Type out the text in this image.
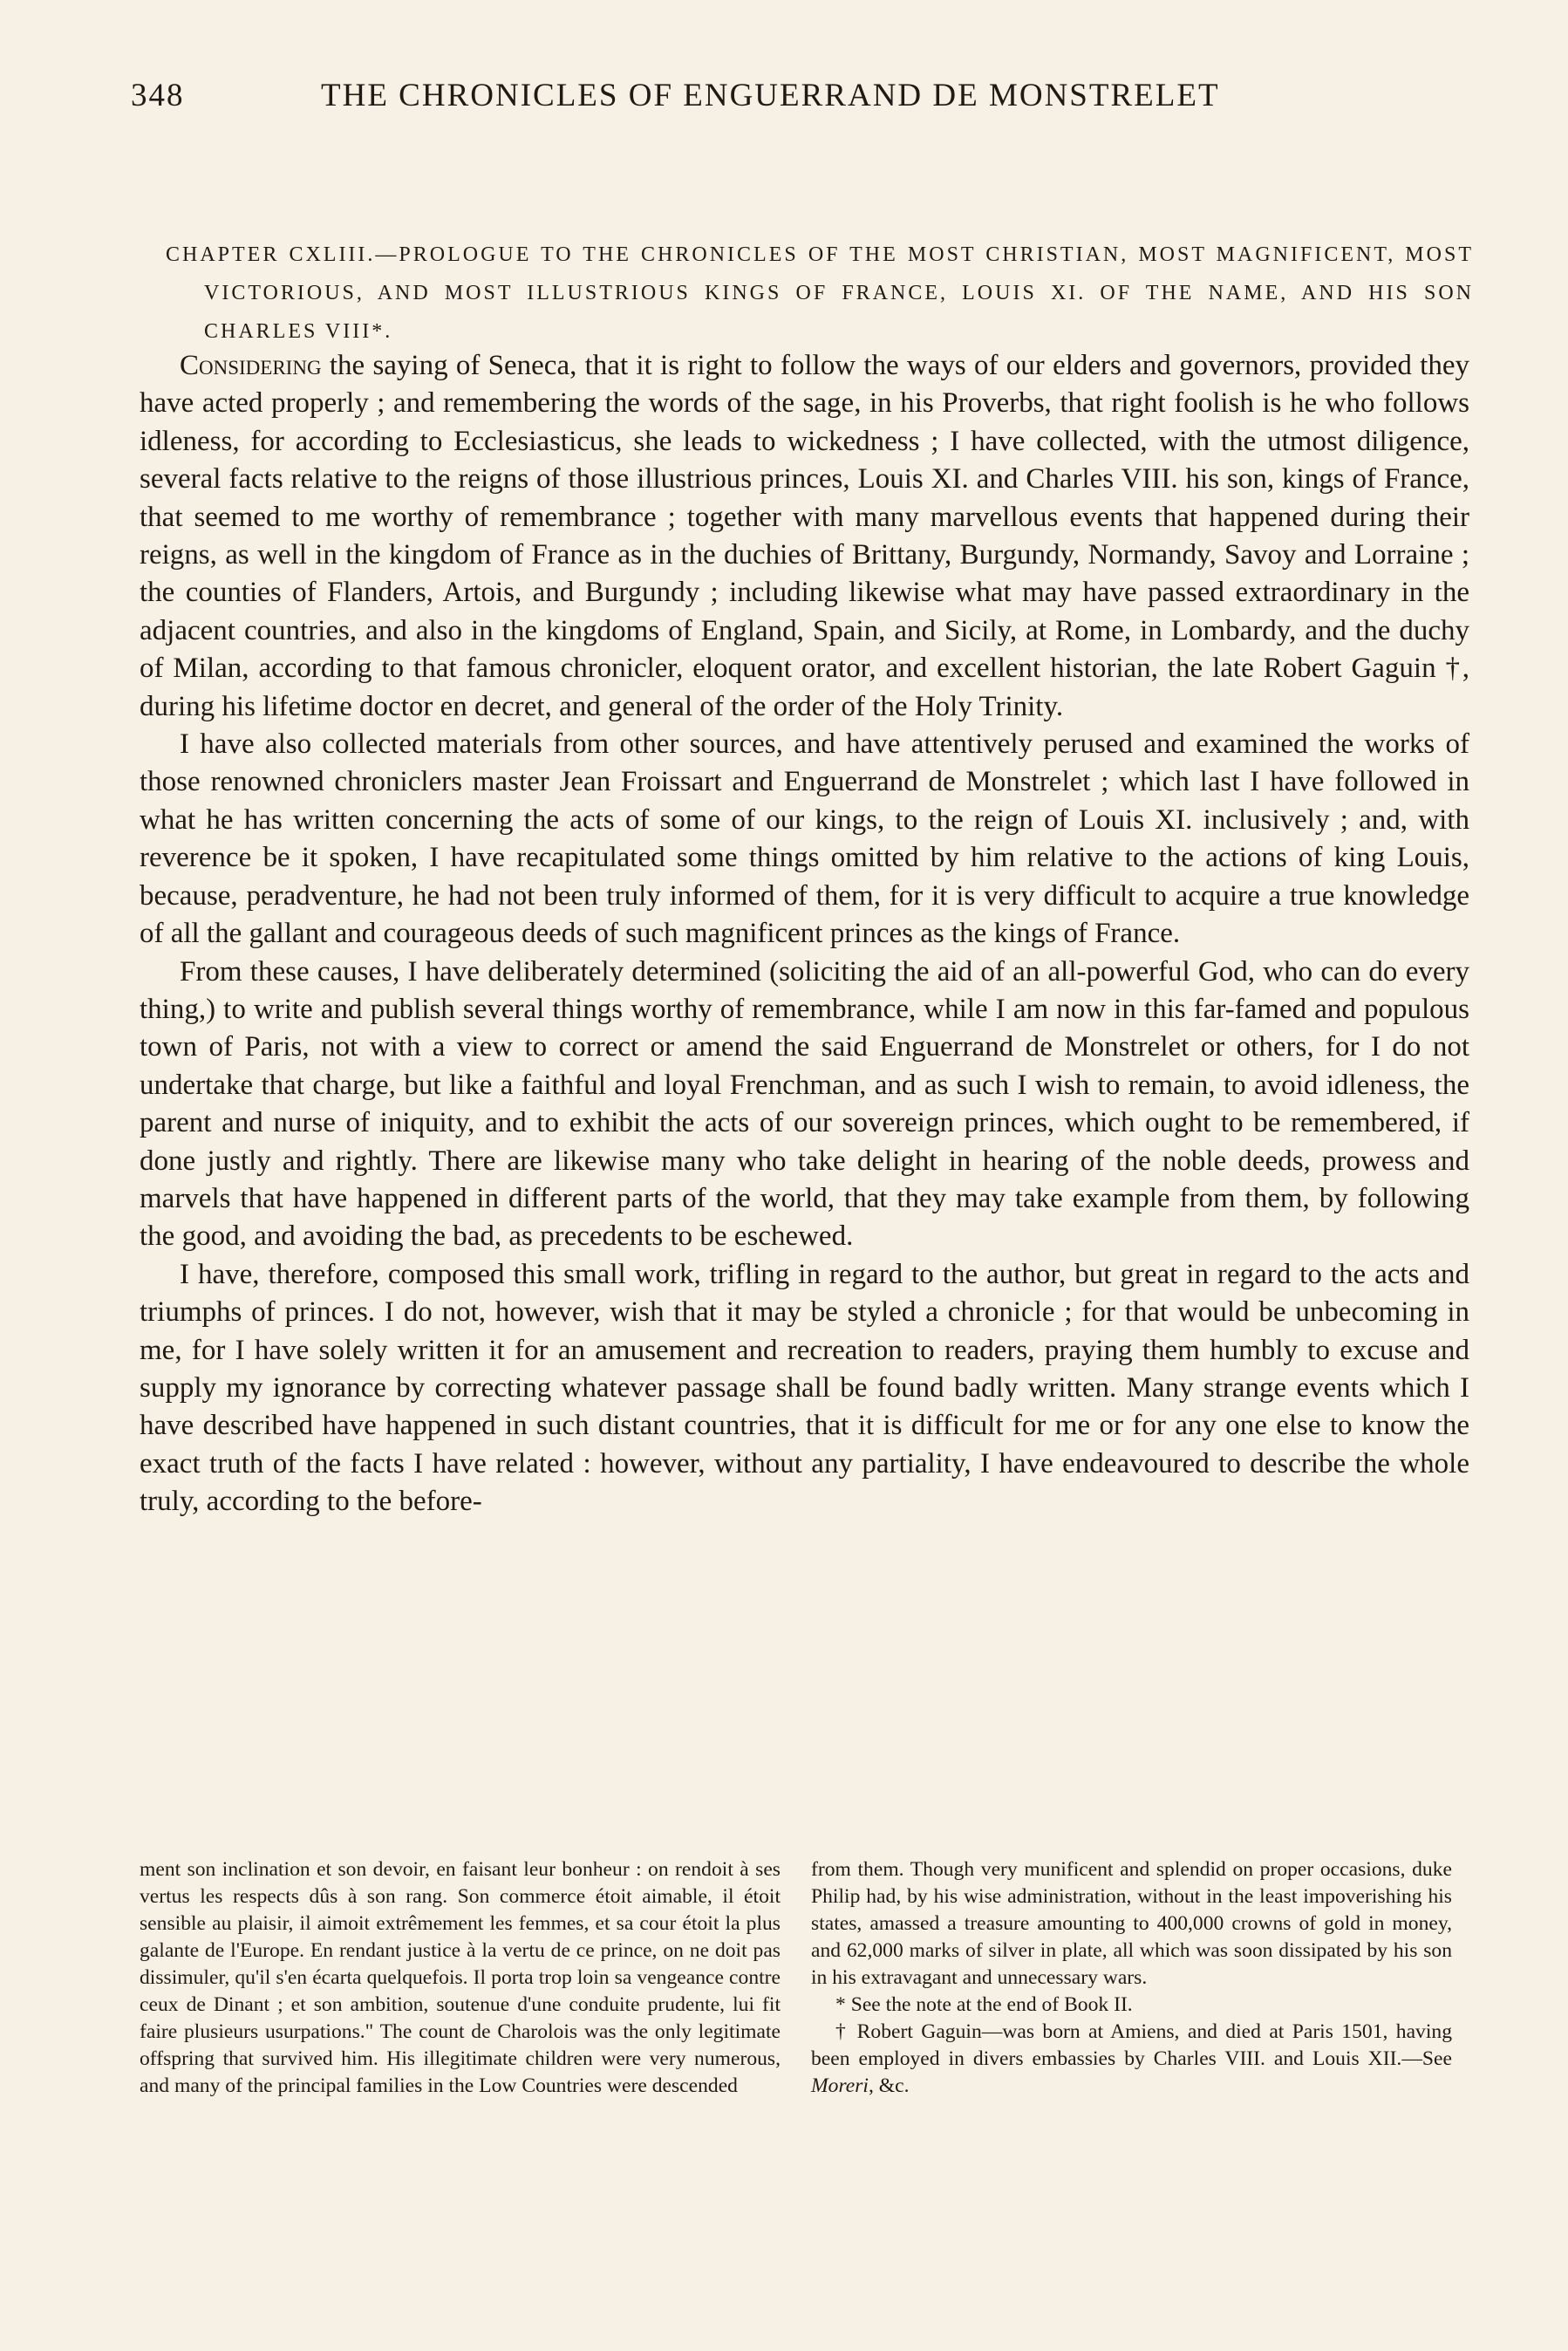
348	THE CHRONICLES OF ENGUERRAND DE MONSTRELET
CHAPTER CXLIII.—PROLOGUE TO THE CHRONICLES OF THE MOST CHRISTIAN, MOST MAGNIFICENT, MOST VICTORIOUS, AND MOST ILLUSTRIOUS KINGS OF FRANCE, LOUIS XI. OF THE NAME, AND HIS SON CHARLES VIII*.

Considering the saying of Seneca, that it is right to follow the ways of our elders and governors, provided they have acted properly ; and remembering the words of the sage, in his Proverbs, that right foolish is he who follows idleness, for according to Ecclesiasticus, she leads to wickedness ; I have collected, with the utmost diligence, several facts relative to the reigns of those illustrious princes, Louis XI. and Charles VIII. his son, kings of France, that seemed to me worthy of remembrance ; together with many marvellous events that happened during their reigns, as well in the kingdom of France as in the duchies of Brittany, Burgundy, Normandy, Savoy and Lorraine ; the counties of Flanders, Artois, and Burgundy ; including likewise what may have passed extraordinary in the adjacent countries, and also in the kingdoms of England, Spain, and Sicily, at Rome, in Lombardy, and the duchy of Milan, according to that famous chronicler, eloquent orator, and excellent historian, the late Robert Gaguin †, during his lifetime doctor en decret, and general of the order of the Holy Trinity.

I have also collected materials from other sources, and have attentively perused and examined the works of those renowned chroniclers master Jean Froissart and Enguerrand de Monstrelet ; which last I have followed in what he has written concerning the acts of some of our kings, to the reign of Louis XI. inclusively ; and, with reverence be it spoken, I have recapitulated some things omitted by him relative to the actions of king Louis, because, peradventure, he had not been truly informed of them, for it is very difficult to acquire a true knowledge of all the gallant and courageous deeds of such magnificent princes as the kings of France.

From these causes, I have deliberately determined (soliciting the aid of an all-powerful God, who can do every thing,) to write and publish several things worthy of remembrance, while I am now in this far-famed and populous town of Paris, not with a view to correct or amend the said Enguerrand de Monstrelet or others, for I do not undertake that charge, but like a faithful and loyal Frenchman, and as such I wish to remain, to avoid idleness, the parent and nurse of iniquity, and to exhibit the acts of our sovereign princes, which ought to be remembered, if done justly and rightly. There are likewise many who take delight in hearing of the noble deeds, prowess and marvels that have happened in different parts of the world, that they may take example from them, by following the good, and avoiding the bad, as precedents to be eschewed.

I have, therefore, composed this small work, trifling in regard to the author, but great in regard to the acts and triumphs of princes. I do not, however, wish that it may be styled a chronicle ; for that would be unbecoming in me, for I have solely written it for an amusement and recreation to readers, praying them humbly to excuse and supply my ignorance by correcting whatever passage shall be found badly written. Many strange events which I have described have happened in such distant countries, that it is difficult for me or for any one else to know the exact truth of the facts I have related : however, without any partiality, I have endeavoured to describe the whole truly, according to the before-

ment son inclination et son devoir, en faisant leur bonheur : on rendoit à ses vertus les respects dûs à son rang. Son commerce étoit aimable, il étoit sensible au plaisir, il aimoit extrêmement les femmes, et sa cour étoit la plus galante de l'Europe. En rendant justice à la vertu de ce prince, on ne doit pas dissimuler, qu'il s'en écarta quelquefois. Il porta trop loin sa vengeance contre ceux de Dinant ; et son ambition, soutenue d'une conduite prudente, lui fit faire plusieurs usurpations." The count de Charolois was the only legitimate offspring that survived him. His illegitimate children were very numerous, and many of the principal families in the Low Countries were descended

from them. Though very munificent and splendid on proper occasions, duke Philip had, by his wise administration, without in the least impoverishing his states, amassed a treasure amounting to 400,000 crowns of gold in money, and 62,000 marks of silver in plate, all which was soon dissipated by his son in his extravagant and unnecessary wars.

* See the note at the end of Book II.

† Robert Gaguin—was born at Amiens, and died at Paris 1501, having been employed in divers embassies by Charles VIII. and Louis XII.—See Moreri, &c.
